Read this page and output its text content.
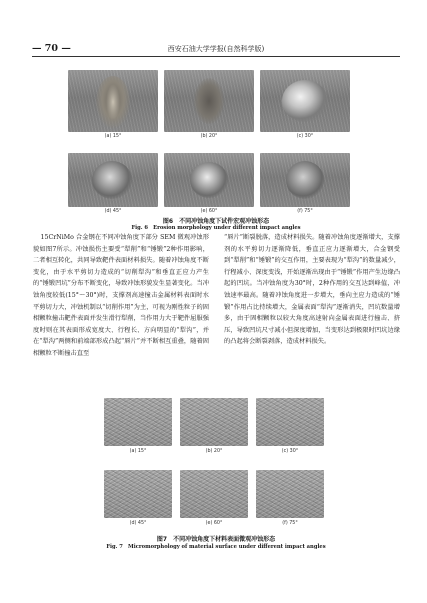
— 70 —	西安石油大学学报(自然科学版)
(a) 15°	(b) 20°	(c) 30°
(d) 45°	(e) 60°	(f) 75°
图6　不同冲蚀角度下试件宏观冲蚀形态
Fig. 6　Erosion morphology under different impact angles

15CrNiMo 合金钢在不同冲蚀角度下部分 SEM 微观冲蚀形貌如图7所示。冲蚀损伤主要受“犁削”和“锤锻”2种作用影响，二者相互转化，共同导致靶件表面材料损失。随着冲蚀角度不断变化，由于水平剪切力造成的“切削犁沟”和垂直正应力产生的“锤锻凹坑”分布不断变化，导致冲蚀形貌发生显著变化。当冲蚀角度较低(15°～30°)时，支撑剂高速撞击金属材料表面时水平剪切力大，冲蚀机制以“切削作用”为主，可视为刚性粒子的固相颗粒撞击靶件表面并发生滑行犁削，当作用力大于靶件屈服强度时则在其表面形成宽度大、行程长、方向明显的“犁沟”，并在“犁沟”两侧和前端部形成凸起“唇片”并不断相互重叠，随着固相颗粒不断撞击直至

“唇片”断裂脱落，造成材料损失。随着冲蚀角度逐渐增大，支撑剂的水平剪切力逐渐降低，垂直正应力逐渐增大，合金钢受到“犁削”和“锤锻”的交互作用，主要表现为“犁沟”的数量减少，行程减小、深度变浅，开始逐渐出现由于“锤锻”作用产生边缘凸起的凹坑。当冲蚀角度为30°时，2种作用的交互达到峰值，冲蚀速率最高。随着冲蚀角度进一步增大，垂向主应力造成的“锤锻”作用占比持续增大，金属表面“犁沟”逐渐消失，凹坑数量增多，由于固相颗粒以较大角度高速射向金属表面进行撞击、挤压，导致凹坑尺寸减小但深度增加，当变形达到极限时凹坑边缘的凸起将会断裂剥落，造成材料损失。

(a) 15°	(b) 20°	(c) 30°
(d) 45°	(e) 60°	(f) 75°
图7　不同冲蚀角度下材料表面微观冲蚀形态
Fig. 7　Micromorphology of material surface under different impact angles
